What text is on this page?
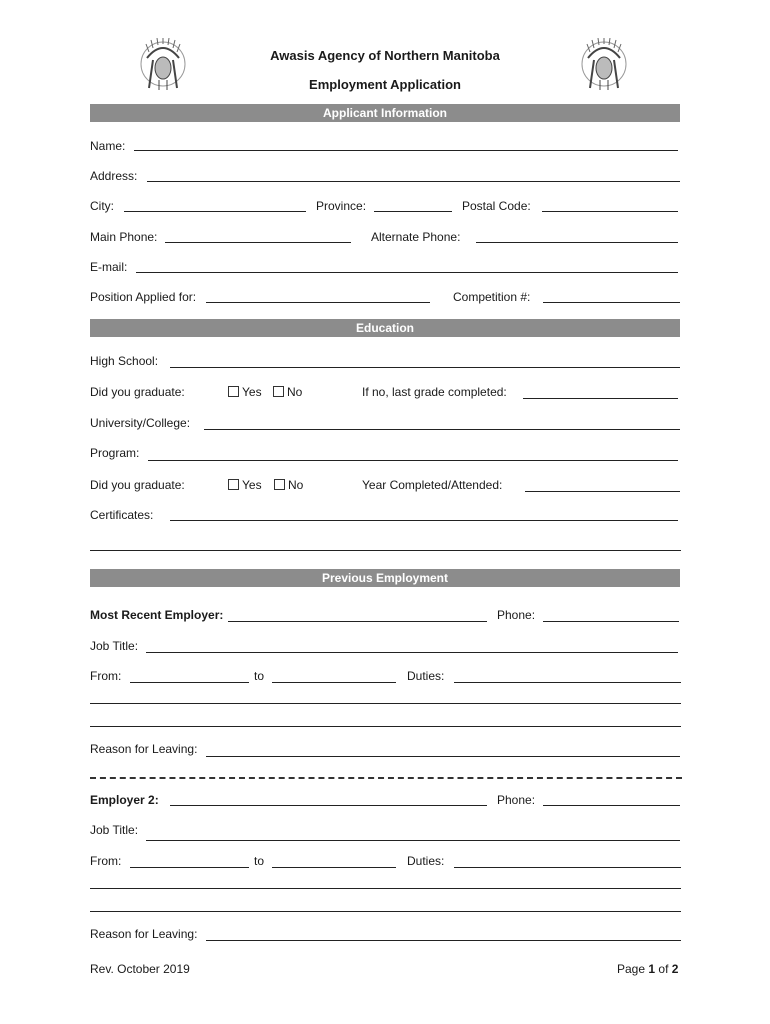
Awasis Agency of Northern Manitoba
Employment Application
Applicant Information
Name:
Address:
City:	Province:	Postal Code:
Main Phone:	Alternate Phone:
E-mail:
Position Applied for:	Competition #:
Education
High School:
Did you graduate:	Yes	No	If no, last grade completed:
University/College:
Program:
Did you graduate:	Yes	No	Year Completed/Attended:
Certificates:
Previous Employment
Most Recent Employer:	Phone:
Job Title:
From:	to	Duties:
Reason for Leaving:
Employer 2:	Phone:
Job Title:
From:	to	Duties:
Reason for Leaving:
Rev. October 2019	Page 1 of 2
